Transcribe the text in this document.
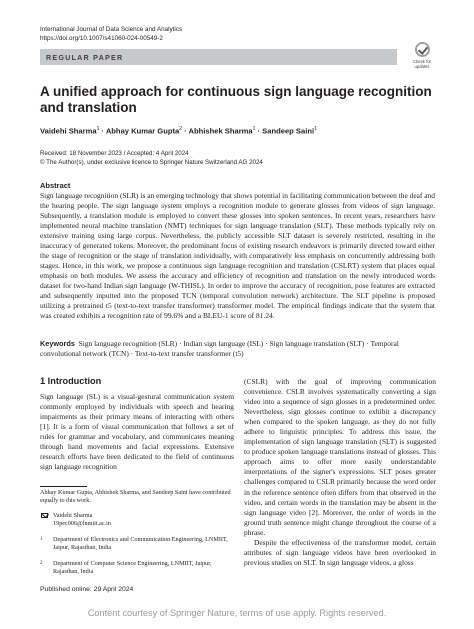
International Journal of Data Science and Analytics
https://doi.org/10.1007/s41060-024-00549-2
REGULAR PAPER	Check for
updates
A unified approach for continuous sign language recognition and translation
Vaidehi Sharma$^1$ · Abhay Kumar Gupta$^2$ · Abhishek Sharma$^1$ · Sandeep Saini$^1$
Received: 18 November 2023 / Accepted: 4 April 2024
© The Author(s), under exclusive licence to Springer Nature Switzerland AG 2024
Abstract
Sign language recognition (SLR) is an emerging technology that shows potential in facilitating communication between the deaf and the hearing people. The sign language system employs a recognition module to generate glosses from videos of sign language. Subsequently, a translation module is employed to convert these glosses into spoken sentences. In recent years, researchers have implemented neural machine translation (NMT) techniques for sign language translation (SLT). These methods typically rely on extensive training using large corpus. Nevertheless, the publicly accessible SLT dataset is severely restricted, resulting in the inaccuracy of generated tokens. Moreover, the predominant focus of existing research endeavors is primarily directed toward either the stage of recognition or the stage of translation individually, with comparatively less emphasis on concurrently addressing both stages. Hence, in this work, we propose a continuous sign language recognition and translation (CSLRT) system that places equal emphasis on both modules. We assess the accuracy and efficiency of recognition and translation on the newly introduced words dataset for two-hand Indian sign language (W-THISL). In order to improve the accuracy of recognition, pose features are extracted and subsequently inputted into the proposed TCN (temporal convolution network) architecture. The SLT pipeline is proposed utilizing a pretrained t5 (text-to-text transfer transformer) transformer model. The empirical findings indicate that the system that was created exhibits a recognition rate of 99.6% and a BLEU-1 score of 81.24.
Keywords Sign language recognition (SLR) · Indian sign language (ISL) · Sign language translation (SLT) · Temporal convolutional network (TCN) · Text-to-text transfer transformer (t5)
1 Introduction
Sign language (SL) is a visual-gestural communication system commonly employed by individuals with speech and hearing impairments as their primary means of interacting with others [1]. It is a form of visual communication that follows a set of rules for grammar and vocabulary, and communicates meaning through hand movements and facial expressions. Extensive research efforts have been dedicated to the field of continuous sign language recognition
(CSLR) with the goal of improving communication convenience. CSLR involves systematically converting a sign video into a sequence of sign glosses in a predetermined order. Nevertheless, sign glosses continue to exhibit a discrepancy when compared to the spoken language, as they do not fully adhere to linguistic principles. To address this issue, the implementation of sign language translation (SLT) is suggested to produce spoken language translations instead of glosses. This approach aims to offer more easily understandable interpretations of the signer's expressions. SLT poses greater challenges compared to CSLR primarily because the word order in the reference sentence often differs from that observed in the video, and certain words in the translation may be absent in the sign language video [2]. Moreover, the order of words in the ground truth sentence might change throughout the course of a phrase.
Despite the effectiveness of the transformer model, certain attributes of sign language videos have been overlooked in previous studies on SLT. In sign language videos, a gloss
Abhay Kumar Gupta, Abhishek Sharma, and Sandeep Saini have contributed equally to this work.
Vaidehi Sharma
19pec006@lnmiit.ac.in
1 Department of Electronics and Communication Engineering, LNMIIT, Jaipur, Rajasthan, India
2 Department of Computer Science Engineering, LNMIIT, Jaipur, Rajasthan, India
Published online: 29 April 2024
Content courtesy of Springer Nature, terms of use apply. Rights reserved.
